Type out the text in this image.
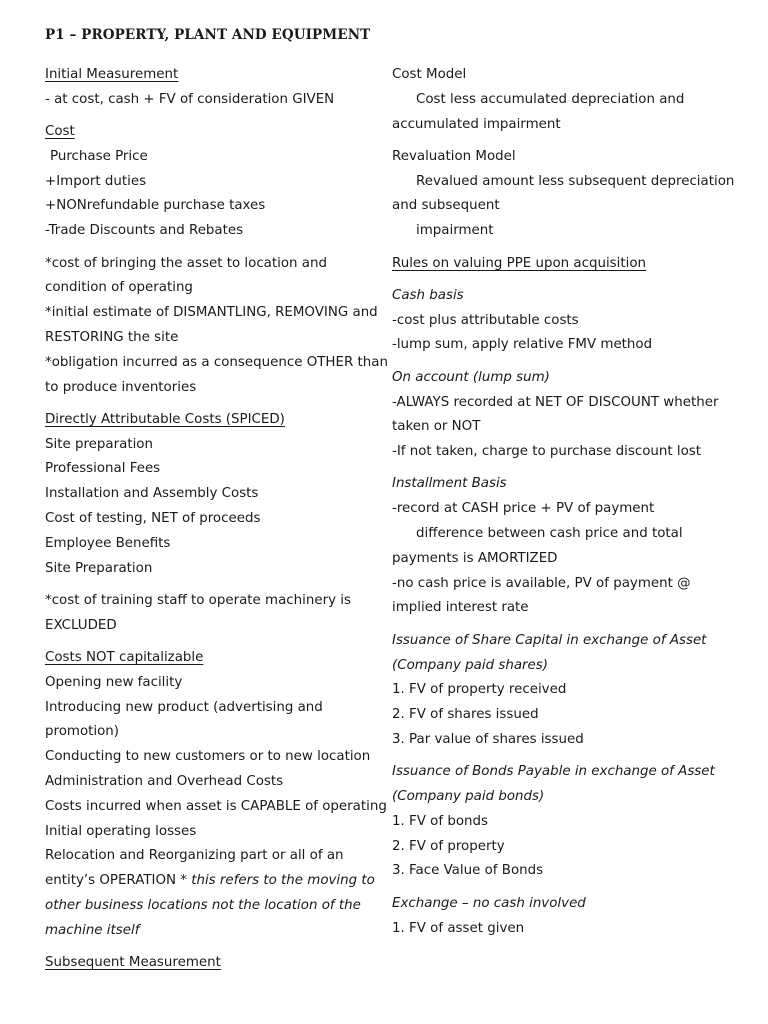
P1 – PROPERTY, PLANT AND EQUIPMENT
Initial Measurement
- at cost, cash + FV of consideration GIVEN
Cost
Purchase Price
+Import duties
+NONrefundable purchase taxes
-Trade Discounts and Rebates
*cost of bringing the asset to location and
condition of operating
*initial estimate of DISMANTLING, REMOVING and
RESTORING the site
*obligation incurred as a consequence OTHER than
to produce inventories
Directly Attributable Costs (SPICED)
Site preparation
Professional Fees
Installation and Assembly Costs
Cost of testing, NET of proceeds
Employee Benefits
Site Preparation
*cost of training staff to operate machinery is
EXCLUDED
Costs NOT capitalizable
Opening new facility
Introducing new product (advertising and
promotion)
Conducting to new customers or to new location
Administration and Overhead Costs
Costs incurred when asset is CAPABLE of operating
Initial operating losses
Relocation and Reorganizing part or all of an
entity’s OPERATION * this refers to the moving to
other business locations not the location of the
machine itself
Subsequent Measurement
Cost Model
Cost less accumulated depreciation and
accumulated impairment
Revaluation Model
Revalued amount less subsequent depreciation
and subsequent
impairment
Rules on valuing PPE upon acquisition
Cash basis
-cost plus attributable costs
-lump sum, apply relative FMV method
On account (lump sum)
-ALWAYS recorded at NET OF DISCOUNT whether
taken or NOT
-If not taken, charge to purchase discount lost
Installment Basis
-record at CASH price + PV of payment
difference between cash price and total
payments is AMORTIZED
-no cash price is available, PV of payment @
implied interest rate
Issuance of Share Capital in exchange of Asset
(Company paid shares)
1. FV of property received
2. FV of shares issued
3. Par value of shares issued
Issuance of Bonds Payable in exchange of Asset
(Company paid bonds)
1. FV of bonds
2. FV of property
3. Face Value of Bonds
Exchange – no cash involved
1. FV of asset given
